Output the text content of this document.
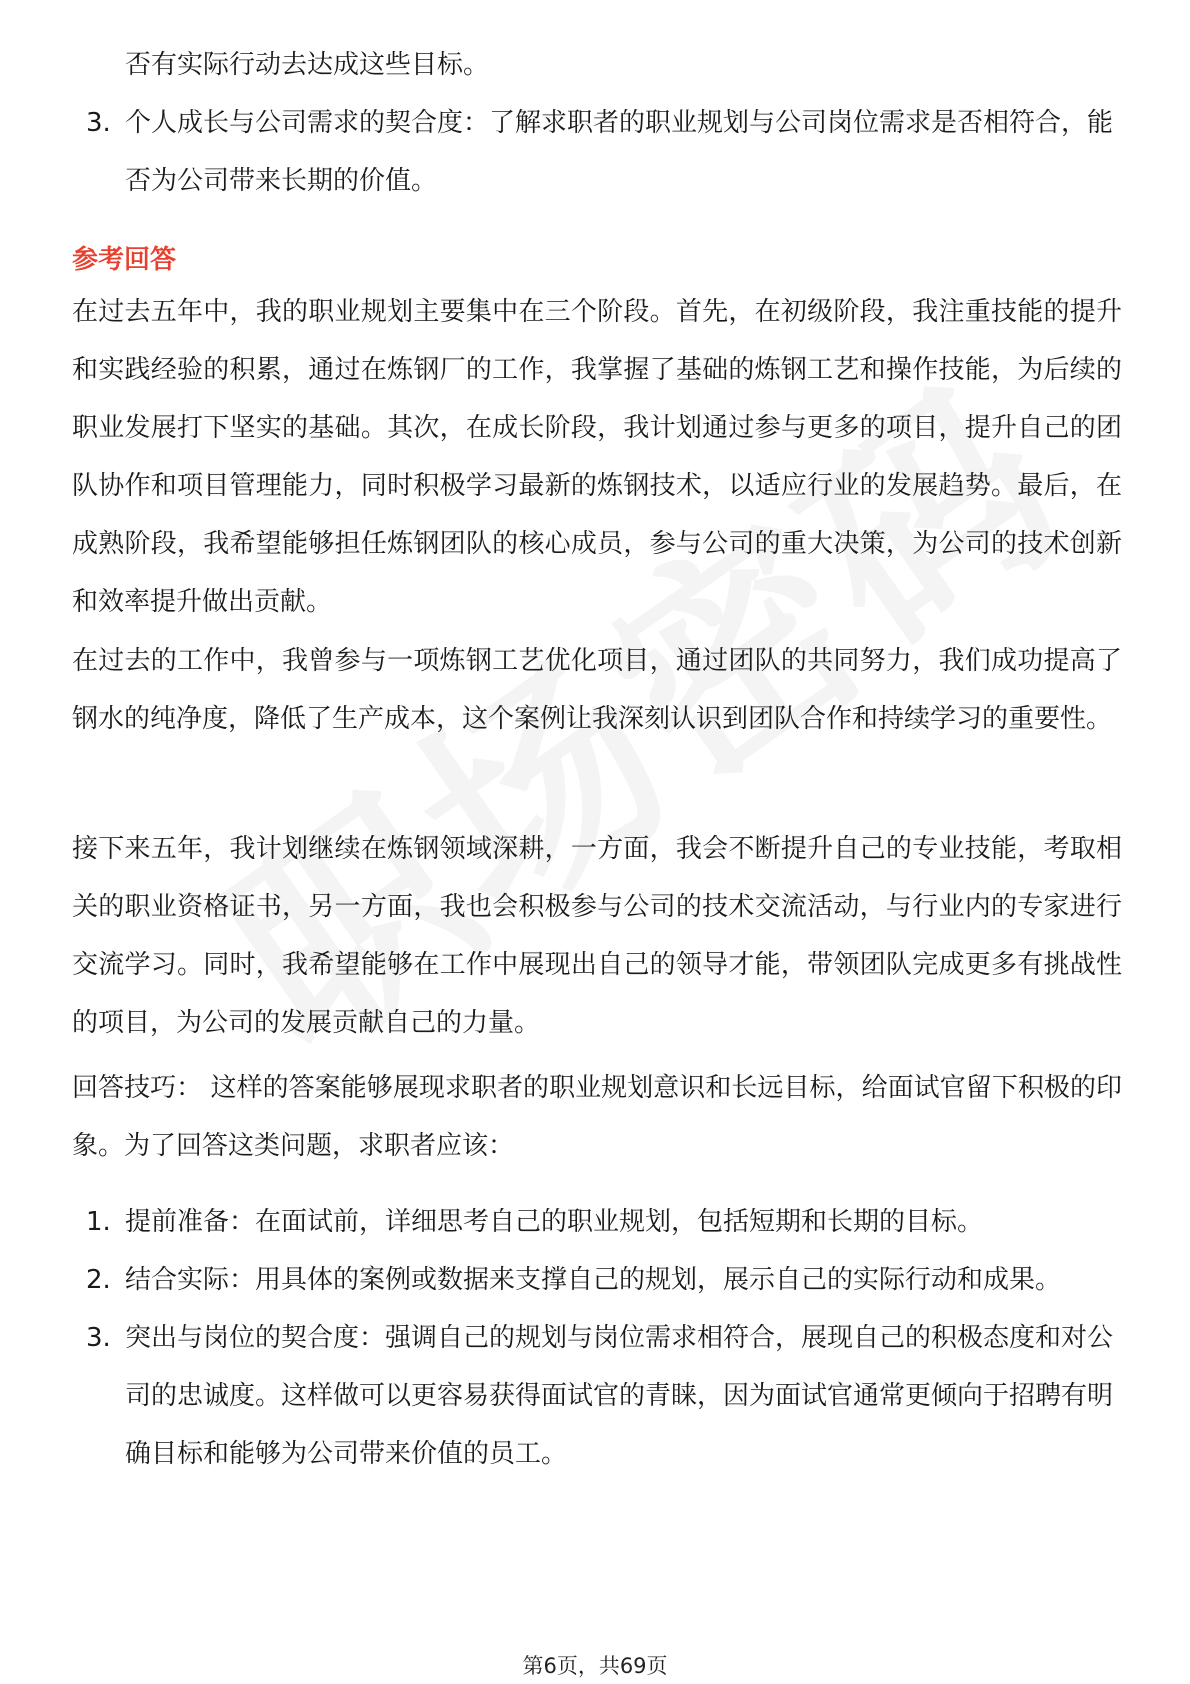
否有实际行动去达成这些目标。
3. 个人成长与公司需求的契合度：了解求职者的职业规划与公司岗位需求是否相符合，能否为公司带来长期的价值。
参考回答
在过去五年中，我的职业规划主要集中在三个阶段。首先，在初级阶段，我注重技能的提升和实践经验的积累，通过在炼钢厂的工作，我掌握了基础的炼钢工艺和操作技能，为后续的职业发展打下坚实的基础。其次，在成长阶段，我计划通过参与更多的项目，提升自己的团队协作和项目管理能力，同时积极学习最新的炼钢技术，以适应行业的发展趋势。最后，在成熟阶段，我希望能够担任炼钢团队的核心成员，参与公司的重大决策，为公司的技术创新和效率提升做出贡献。
在过去的工作中，我曾参与一项炼钢工艺优化项目，通过团队的共同努力，我们成功提高了钢水的纯净度，降低了生产成本，这个案例让我深刻认识到团队合作和持续学习的重要性。
接下来五年，我计划继续在炼钢领域深耕，一方面，我会不断提升自己的专业技能，考取相关的职业资格证书，另一方面，我也会积极参与公司的技术交流活动，与行业内的专家进行交流学习。同时，我希望能够在工作中展现出自己的领导才能，带领团队完成更多有挑战性的项目，为公司的发展贡献自己的力量。
回答技巧： 这样的答案能够展现求职者的职业规划意识和长远目标，给面试官留下积极的印象。为了回答这类问题，求职者应该：
1. 提前准备：在面试前，详细思考自己的职业规划，包括短期和长期的目标。
2. 结合实际：用具体的案例或数据来支撑自己的规划，展示自己的实际行动和成果。
3. 突出与岗位的契合度：强调自己的规划与岗位需求相符合，展现自己的积极态度和对公司的忠诚度。这样做可以更容易获得面试官的青睐，因为面试官通常更倾向于招聘有明确目标和能够为公司带来价值的员工。
第6页，共69页
